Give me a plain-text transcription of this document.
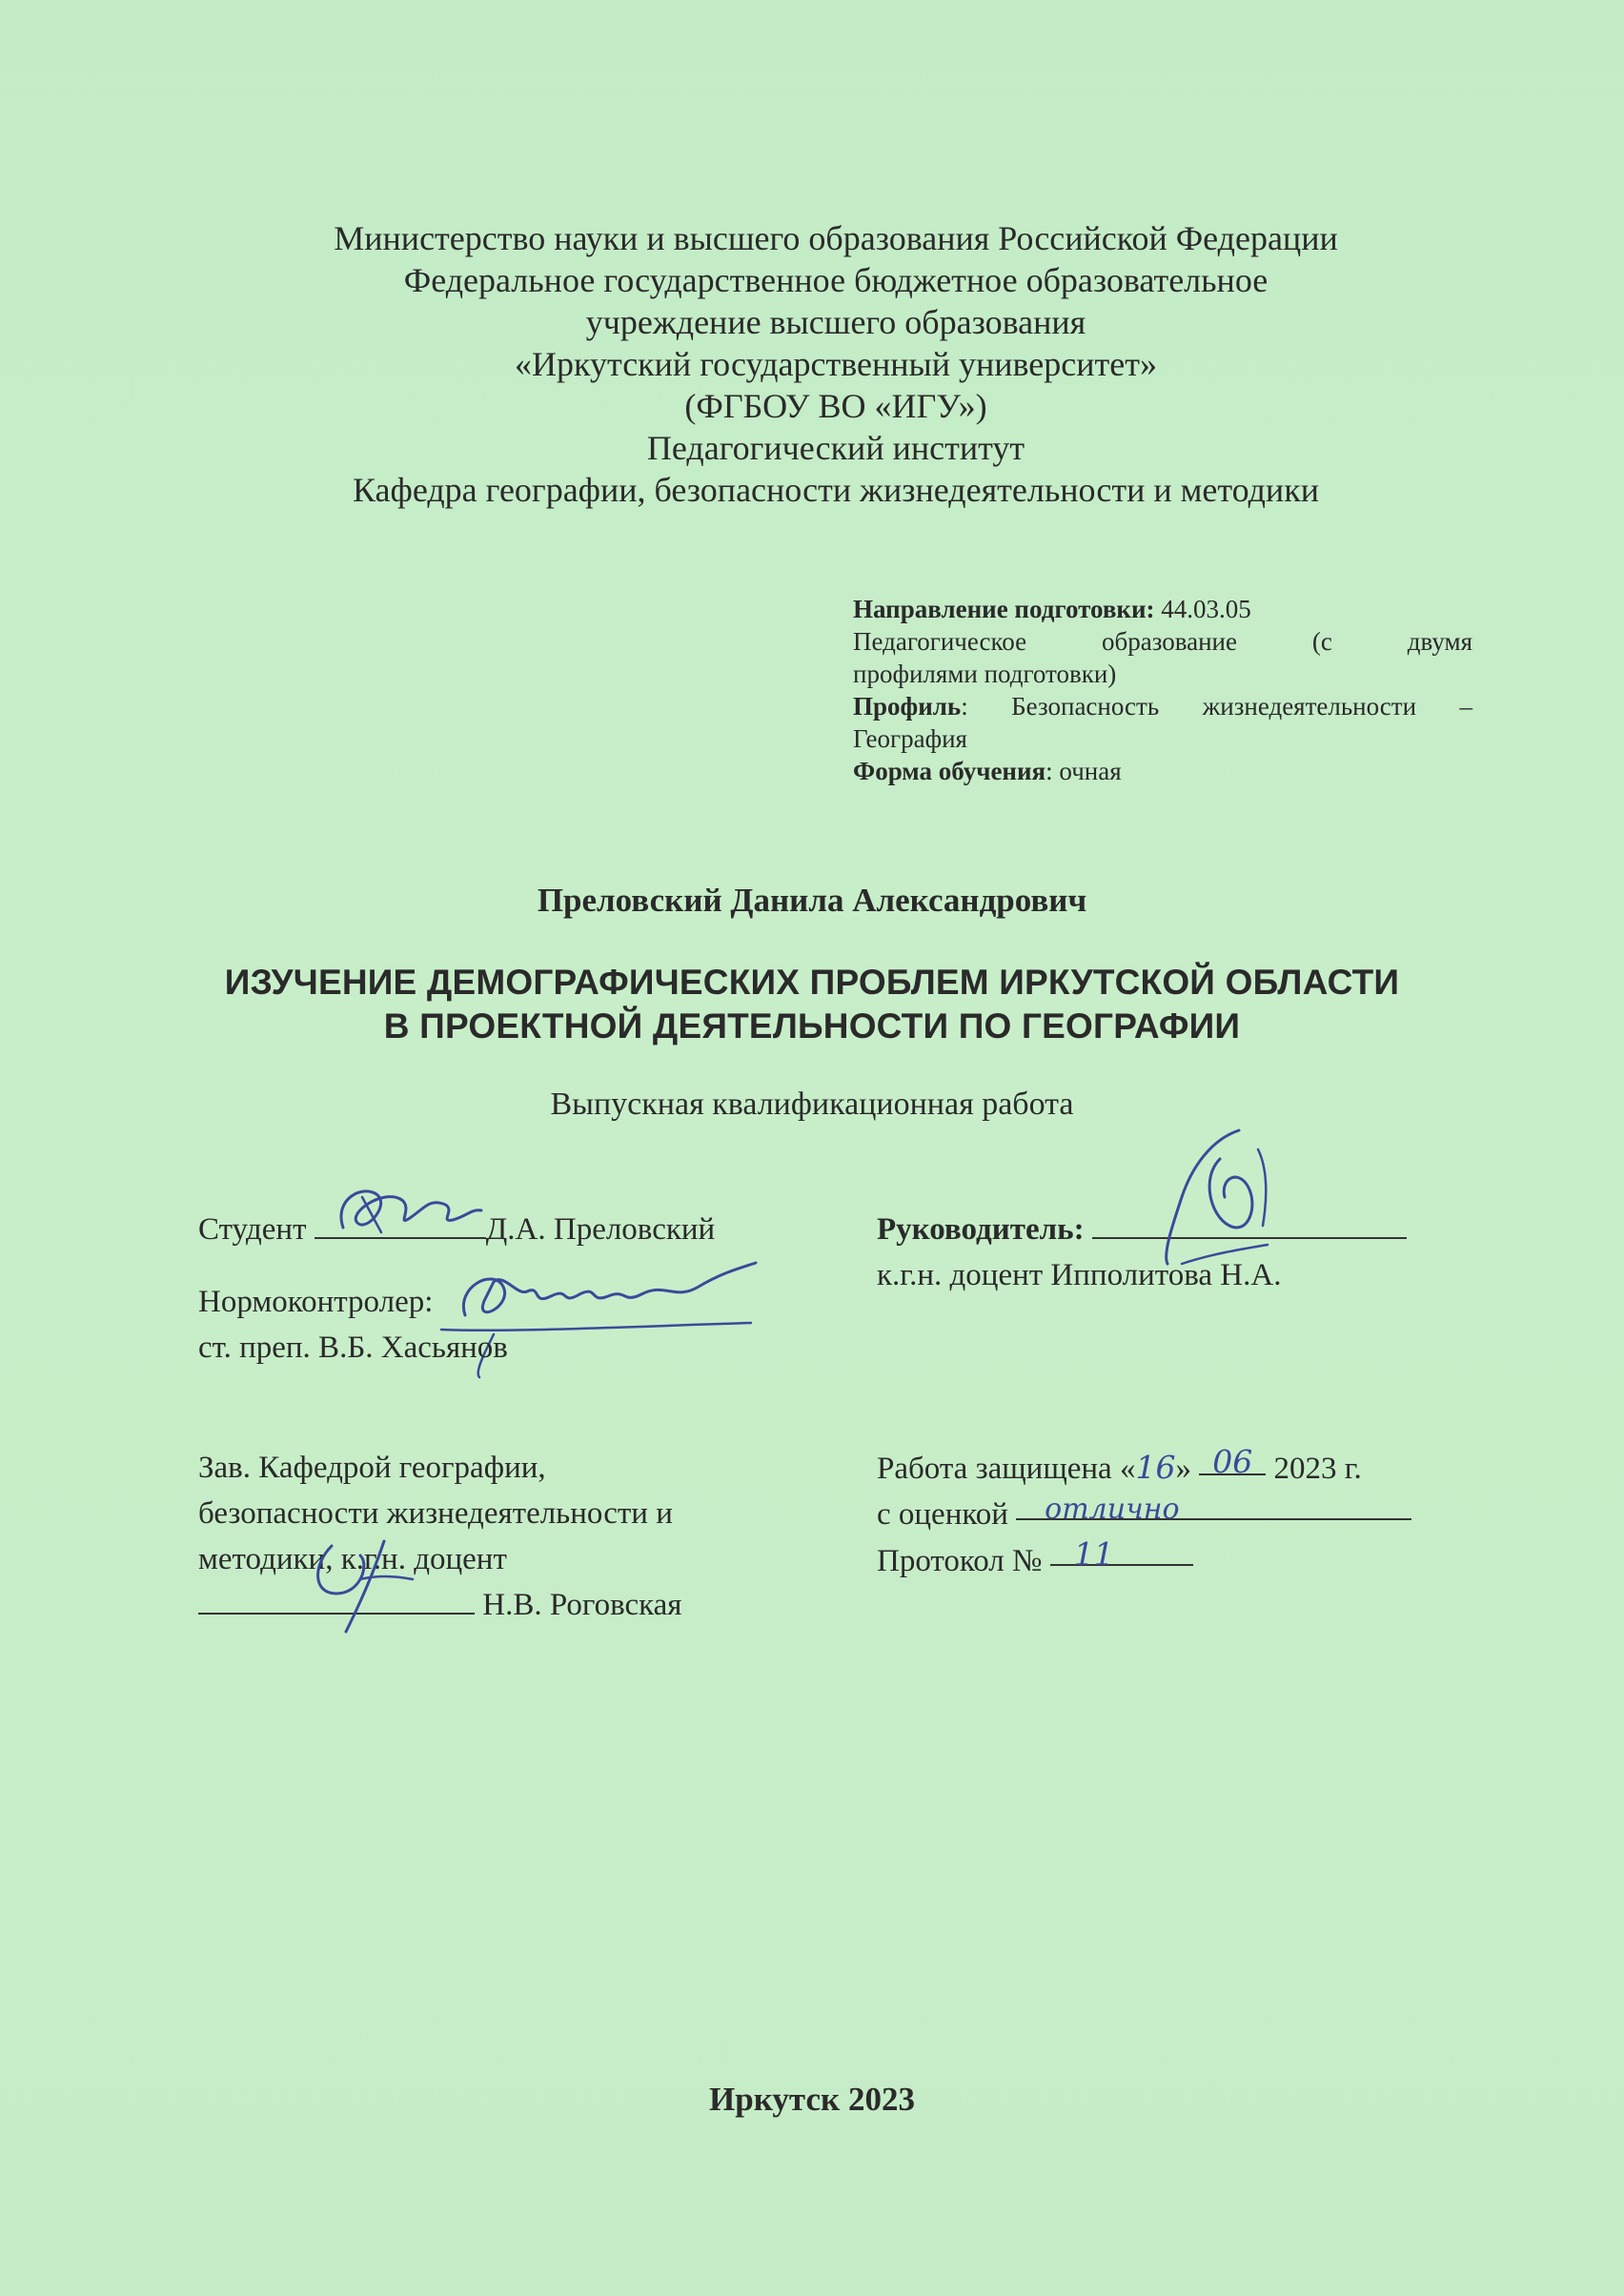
Министерство науки и высшего образования Российской Федерации
Федеральное государственное бюджетное образовательное
учреждение высшего образования
«Иркутский государственный университет»
(ФГБОУ ВО «ИГУ»)
Педагогический институт
Кафедра географии, безопасности жизнедеятельности и методики
Направление подготовки: 44.03.05
Педагогическое образование (с двумя
профилями подготовки)
Профиль : Безопасность жизнедеятельности –
География
Форма обучения: очная
Преловский Данила Александрович
ИЗУЧЕНИЕ ДЕМОГРАФИЧЕСКИХ ПРОБЛЕМ ИРКУТСКОЙ ОБЛАСТИ
В ПРОЕКТНОЙ ДЕЯТЕЛЬНОСТИ ПО ГЕОГРАФИИ
Выпускная квалификационная работа
Студент	Д.А. Преловский
Нормоконтролер:
ст. преп. В.Б. Хасьянов
Руководитель:
к.г.н. доцент Ипполитова Н.А.
Зав. Кафедрой географии,
безопасности жизнедеятельности и
методики, к.г.н. доцент
Н.В. Роговская
Работа защищена «16» 06 2023 г.
с оценкой отлично
Протокол № 11
Иркутск 2023
